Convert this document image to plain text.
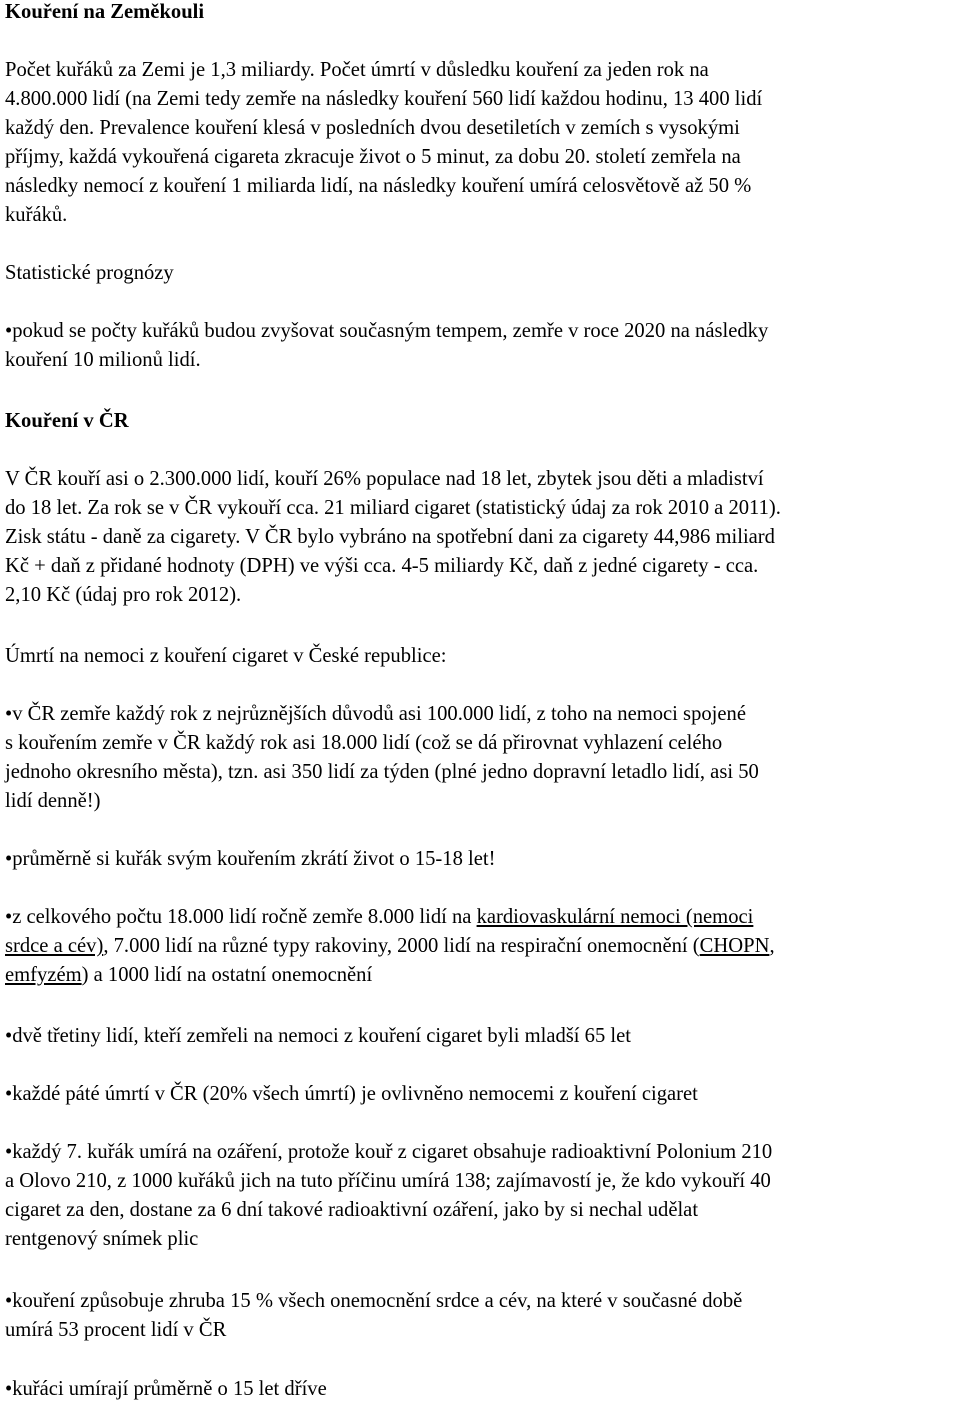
Kouření na Zeměkouli
Počet kuřáků za Zemi je 1,3 miliardy. Počet úmrtí v důsledku kouření za jeden rok na
4.800.000 lidí (na Zemi tedy zemře na následky kouření 560 lidí každou hodinu, 13 400 lidí
každý den. Prevalence kouření klesá v posledních dvou desetiletích v zemích s vysokými
příjmy, každá vykouřená cigareta zkracuje život o 5 minut, za dobu 20. století zemřela na
následky nemocí z kouření 1 miliarda lidí, na následky kouření umírá celosvětově až 50 %
kuřáků.
Statistické prognózy
•pokud se počty kuřáků budou zvyšovat současným tempem, zemře v roce 2020 na následky
kouření 10 milionů lidí.
Kouření v ČR
V ČR kouří asi o 2.300.000 lidí, kouří 26% populace nad 18 let, zbytek jsou děti a mladiství
do 18 let. Za rok se v ČR vykouří cca. 21 miliard cigaret (statistický údaj za rok 2010 a 2011).
Zisk státu - daně za cigarety. V ČR bylo vybráno na spotřební dani za cigarety 44,986 miliard
Kč + daň z přidané hodnoty (DPH) ve výši cca. 4-5 miliardy Kč, daň z jedné cigarety - cca.
2,10 Kč (údaj pro rok 2012).
Úmrtí na nemoci z kouření cigaret v České republice:
•v ČR zemře každý rok z nejrůznějších důvodů asi 100.000 lidí, z toho na nemoci spojené
s kouřením zemře v ČR každý rok asi 18.000 lidí (což se dá přirovnat vyhlazení celého
jednoho okresního města), tzn. asi 350 lidí za týden (plné jedno dopravní letadlo lidí, asi 50
lidí denně!)
•průměrně si kuřák svým kouřením zkrátí život o 15-18 let!
•z celkového počtu 18.000 lidí ročně zemře 8.000 lidí na kardiovaskulární nemoci (nemoci
srdce a cév), 7.000 lidí na různé typy rakoviny, 2000 lidí na respirační onemocnění (CHOPN,
emfyzém) a 1000 lidí na ostatní onemocnění
•dvě třetiny lidí, kteří zemřeli na nemoci z kouření cigaret byli mladší 65 let
•každé páté úmrtí v ČR (20% všech úmrtí) je ovlivněno nemocemi z kouření cigaret
•každý 7. kuřák umírá na ozáření, protože kouř z cigaret obsahuje radioaktivní Polonium 210
a Olovo 210, z 1000 kuřáků jich na tuto příčinu umírá 138; zajímavostí je, že kdo vykouří 40
cigaret za den, dostane za 6 dní takové radioaktivní ozáření, jako by si nechal udělat
rentgenový snímek plic
•kouření způsobuje zhruba 15 % všech onemocnění srdce a cév, na které v současné době
umírá 53 procent lidí v ČR
•kuřáci umírají průměrně o 15 let dříve
